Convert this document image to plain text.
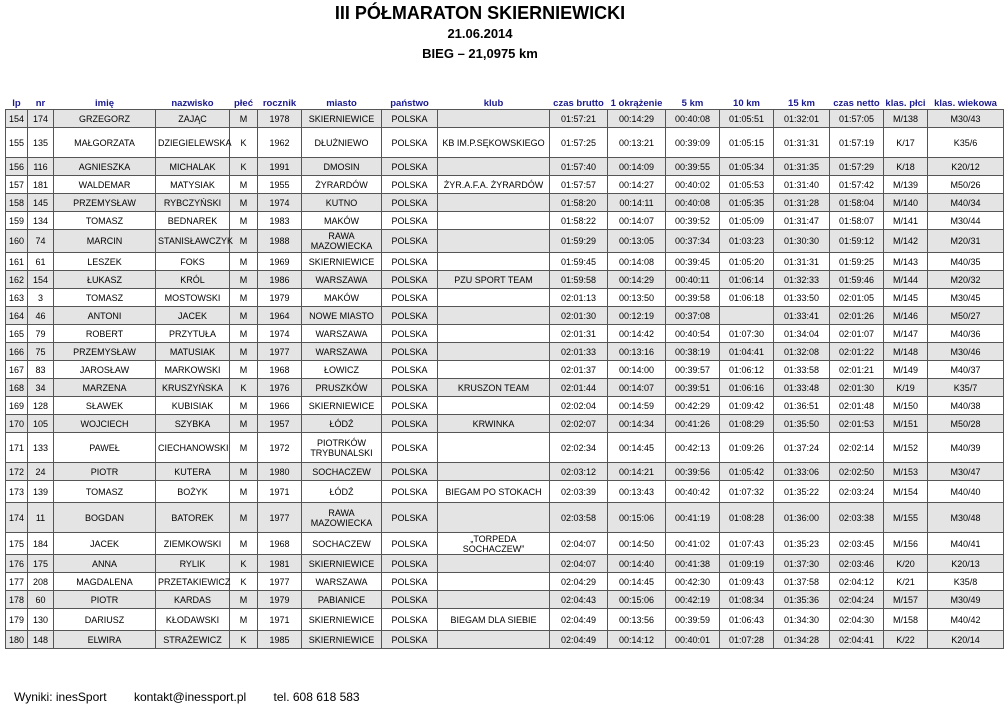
III PÓŁMARATON SKIERNIEWICKI
21.06.2014
BIEG – 21,0975 km
lp	nr	imię	nazwisko	płeć	rocznik	miasto	państwo	klub	czas brutto	1 okrążenie	5 km	10 km	15 km	czas netto	klas. płci	klas. wiekowa
154	174	GRZEGORZ	ZAJĄC	M	1978	SKIERNIEWICE	POLSKA		01:57:21	00:14:29	00:40:08	01:05:51	01:32:01	01:57:05	M/138	M30/43
155	135	MAŁGORZATA	DZIEGIELEWSKA	K	1962	DŁUŻNIEWO	POLSKA	KB IM.P.SĘKOWSKIEGO	01:57:25	00:13:21	00:39:09	01:05:15	01:31:31	01:57:19	K/17	K35/6
156	116	AGNIESZKA	MICHALAK	K	1991	DMOSIN	POLSKA		01:57:40	00:14:09	00:39:55	01:05:34	01:31:35	01:57:29	K/18	K20/12
157	181	WALDEMAR	MATYSIAK	M	1955	ŻYRARDÓW	POLSKA	ŻYR.A.F.A. ŻYRARDÓW	01:57:57	00:14:27	00:40:02	01:05:53	01:31:40	01:57:42	M/139	M50/26
158	145	PRZEMYSŁAW	RYBCZYŃSKI	M	1974	KUTNO	POLSKA		01:58:20	00:14:11	00:40:08	01:05:35	01:31:28	01:58:04	M/140	M40/34
159	134	TOMASZ	BEDNAREK	M	1983	MAKÓW	POLSKA		01:58:22	00:14:07	00:39:52	01:05:09	01:31:47	01:58:07	M/141	M30/44
160	74	MARCIN	STANISŁAWCZYK	M	1988	RAWA MAZOWIECKA	POLSKA		01:59:29	00:13:05	00:37:34	01:03:23	01:30:30	01:59:12	M/142	M20/31
161	61	LESZEK	FOKS	M	1969	SKIERNIEWICE	POLSKA		01:59:45	00:14:08	00:39:45	01:05:20	01:31:31	01:59:25	M/143	M40/35
162	154	ŁUKASZ	KRÓL	M	1986	WARSZAWA	POLSKA	PZU SPORT TEAM	01:59:58	00:14:29	00:40:11	01:06:14	01:32:33	01:59:46	M/144	M20/32
163	3	TOMASZ	MOSTOWSKI	M	1979	MAKÓW	POLSKA		02:01:13	00:13:50	00:39:58	01:06:18	01:33:50	02:01:05	M/145	M30/45
164	46	ANTONI	JACEK	M	1964	NOWE MIASTO	POLSKA		02:01:30	00:12:19	00:37:08		01:33:41	02:01:26	M/146	M50/27
165	79	ROBERT	PRZYTUŁA	M	1974	WARSZAWA	POLSKA		02:01:31	00:14:42	00:40:54	01:07:30	01:34:04	02:01:07	M/147	M40/36
166	75	PRZEMYSŁAW	MATUSIAK	M	1977	WARSZAWA	POLSKA		02:01:33	00:13:16	00:38:19	01:04:41	01:32:08	02:01:22	M/148	M30/46
167	83	JAROSŁAW	MARKOWSKI	M	1968	ŁOWICZ	POLSKA		02:01:37	00:14:00	00:39:57	01:06:12	01:33:58	02:01:21	M/149	M40/37
168	34	MARZENA	KRUSZYŃSKA	K	1976	PRUSZKÓW	POLSKA	KRUSZON TEAM	02:01:44	00:14:07	00:39:51	01:06:16	01:33:48	02:01:30	K/19	K35/7
169	128	SŁAWEK	KUBISIAK	M	1966	SKIERNIEWICE	POLSKA		02:02:04	00:14:59	00:42:29	01:09:42	01:36:51	02:01:48	M/150	M40/38
170	105	WOJCIECH	SZYBKA	M	1957	ŁÓDŹ	POLSKA	KRWINKA	02:02:07	00:14:34	00:41:26	01:08:29	01:35:50	02:01:53	M/151	M50/28
171	133	PAWEŁ	CIECHANOWSKI	M	1972	PIOTRKÓW TRYBUNALSKI	POLSKA		02:02:34	00:14:45	00:42:13	01:09:26	01:37:24	02:02:14	M/152	M40/39
172	24	PIOTR	KUTERA	M	1980	SOCHACZEW	POLSKA		02:03:12	00:14:21	00:39:56	01:05:42	01:33:06	02:02:50	M/153	M30/47
173	139	TOMASZ	BOŻYK	M	1971	ŁÓDŹ	POLSKA	BIEGAM PO STOKACH	02:03:39	00:13:43	00:40:42	01:07:32	01:35:22	02:03:24	M/154	M40/40
174	11	BOGDAN	BATOREK	M	1977	RAWA MAZOWIECKA	POLSKA		02:03:58	00:15:06	00:41:19	01:08:28	01:36:00	02:03:38	M/155	M30/48
175	184	JACEK	ZIEMKOWSKI	M	1968	SOCHACZEW	POLSKA	„TORPEDA SOCHACZEW”	02:04:07	00:14:50	00:41:02	01:07:43	01:35:23	02:03:45	M/156	M40/41
176	175	ANNA	RYLIK	K	1981	SKIERNIEWICE	POLSKA		02:04:07	00:14:40	00:41:38	01:09:19	01:37:30	02:03:46	K/20	K20/13
177	208	MAGDALENA	PRZETAKIEWICZ	K	1977	WARSZAWA	POLSKA		02:04:29	00:14:45	00:42:30	01:09:43	01:37:58	02:04:12	K/21	K35/8
178	60	PIOTR	KARDAS	M	1979	PABIANICE	POLSKA		02:04:43	00:15:06	00:42:19	01:08:34	01:35:36	02:04:24	M/157	M30/49
179	130	DARIUSZ	KŁODAWSKI	M	1971	SKIERNIEWICE	POLSKA	BIEGAM DLA SIEBIE	02:04:49	00:13:56	00:39:59	01:06:43	01:34:30	02:04:30	M/158	M40/42
180	148	ELWIRA	STRAŻEWICZ	K	1985	SKIERNIEWICE	POLSKA		02:04:49	00:14:12	00:40:01	01:07:28	01:34:28	02:04:41	K/22	K20/14
Wyniki: inesSport kontakt@inessport.pl tel. 608 618 583
